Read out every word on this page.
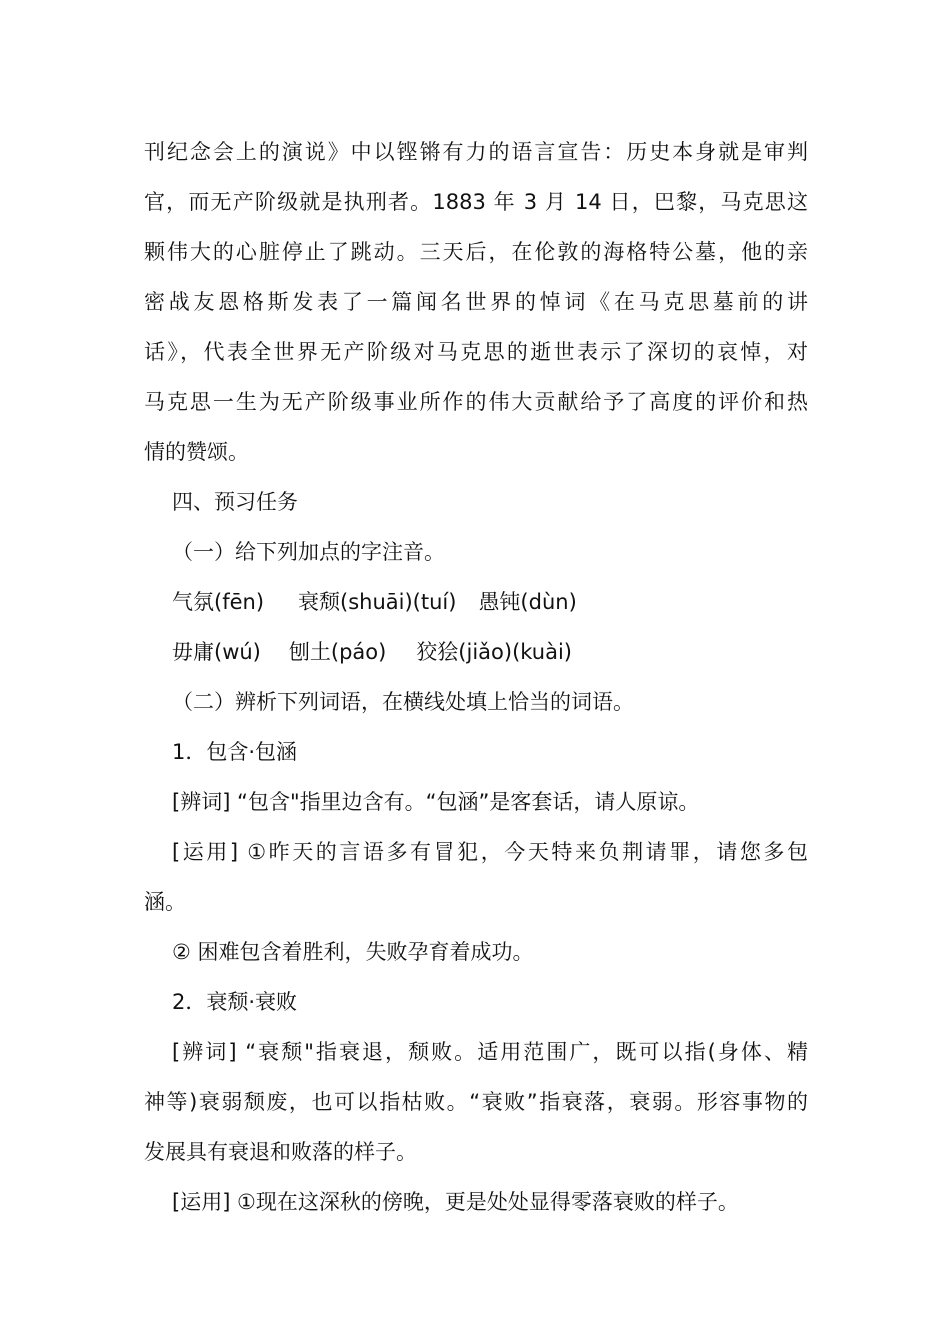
刊纪念会上的演说》中以铿锵有力的语言宣告：历史本身就是审判
官，而无产阶级就是执刑者。1883 年 3 月 14 日，巴黎，马克思这
颗伟大的心脏停止了跳动。三天后，在伦敦的海格特公墓，他的亲
密战友恩格斯发表了一篇闻名世界的悼词《在马克思墓前的讲
话》，代表全世界无产阶级对马克思的逝世表示了深切的哀悼，对
马克思一生为无产阶级事业所作的伟大贡献给予了高度的评价和热
情的赞颂。
四、预习任务
（一）给下列加点的字注音。
气氛(fēn) 衰颓(shuāi)(tuí) 愚钝(dùn)
毋庸(wú) 刨土(páo) 狡狯(jiǎo)(kuài)
（二）辨析下列词语，在横线处填上恰当的词语。
1．包含·包涵
[辨词] “包含"指里边含有。“包涵”是客套话，请人原谅。
[运用] ①昨天的言语多有冒犯，今天特来负荆请罪，请您多包
涵。
② 困难包含着胜利，失败孕育着成功。
2．衰颓·衰败
[辨词] “衰颓"指衰退，颓败。适用范围广，既可以指(身体、精
神等)衰弱颓废，也可以指枯败。“衰败”指衰落，衰弱。形容事物的
发展具有衰退和败落的样子。
[运用] ①现在这深秋的傍晚，更是处处显得零落衰败的样子。
